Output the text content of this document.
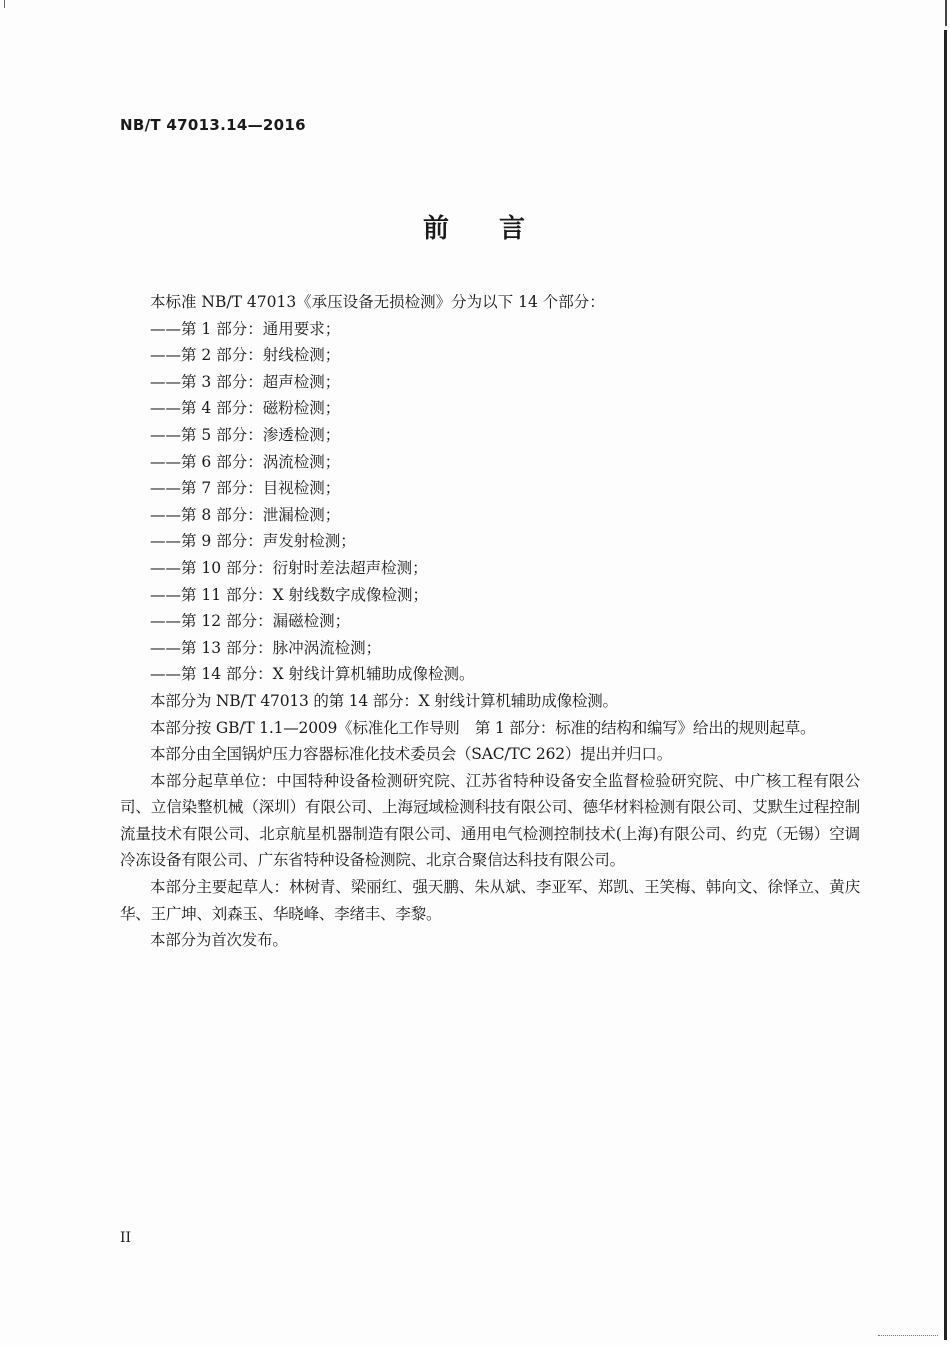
NB/T 47013.14—2016
前 言
本标准 NB/T 47013《承压设备无损检测》分为以下 14 个部分：
——第 1 部分：通用要求；
——第 2 部分：射线检测；
——第 3 部分：超声检测；
——第 4 部分：磁粉检测；
——第 5 部分：渗透检测；
——第 6 部分：涡流检测；
——第 7 部分：目视检测；
——第 8 部分：泄漏检测；
——第 9 部分：声发射检测；
——第 10 部分：衍射时差法超声检测；
——第 11 部分：X 射线数字成像检测；
——第 12 部分：漏磁检测；
——第 13 部分：脉冲涡流检测；
——第 14 部分：X 射线计算机辅助成像检测。
本部分为 NB/T 47013 的第 14 部分：X 射线计算机辅助成像检测。
本部分按 GB/T 1.1—2009《标准化工作导则　第 1 部分：标准的结构和编写》给出的规则起草。
本部分由全国锅炉压力容器标准化技术委员会（SAC/TC 262）提出并归口。
本部分起草单位：中国特种设备检测研究院、江苏省特种设备安全监督检验研究院、中广核工程有限公司、立信染整机械（深圳）有限公司、上海冠域检测科技有限公司、德华材料检测有限公司、艾默生过程控制流量技术有限公司、北京航星机器制造有限公司、通用电气检测控制技术(上海)有限公司、约克（无锡）空调冷冻设备有限公司、广东省特种设备检测院、北京合聚信达科技有限公司。
本部分主要起草人：林树青、梁丽红、强天鹏、朱从斌、李亚军、郑凯、王笑梅、韩向文、徐怿立、黄庆华、王广坤、刘森玉、华晓峰、李绪丰、李黎。
本部分为首次发布。
II
